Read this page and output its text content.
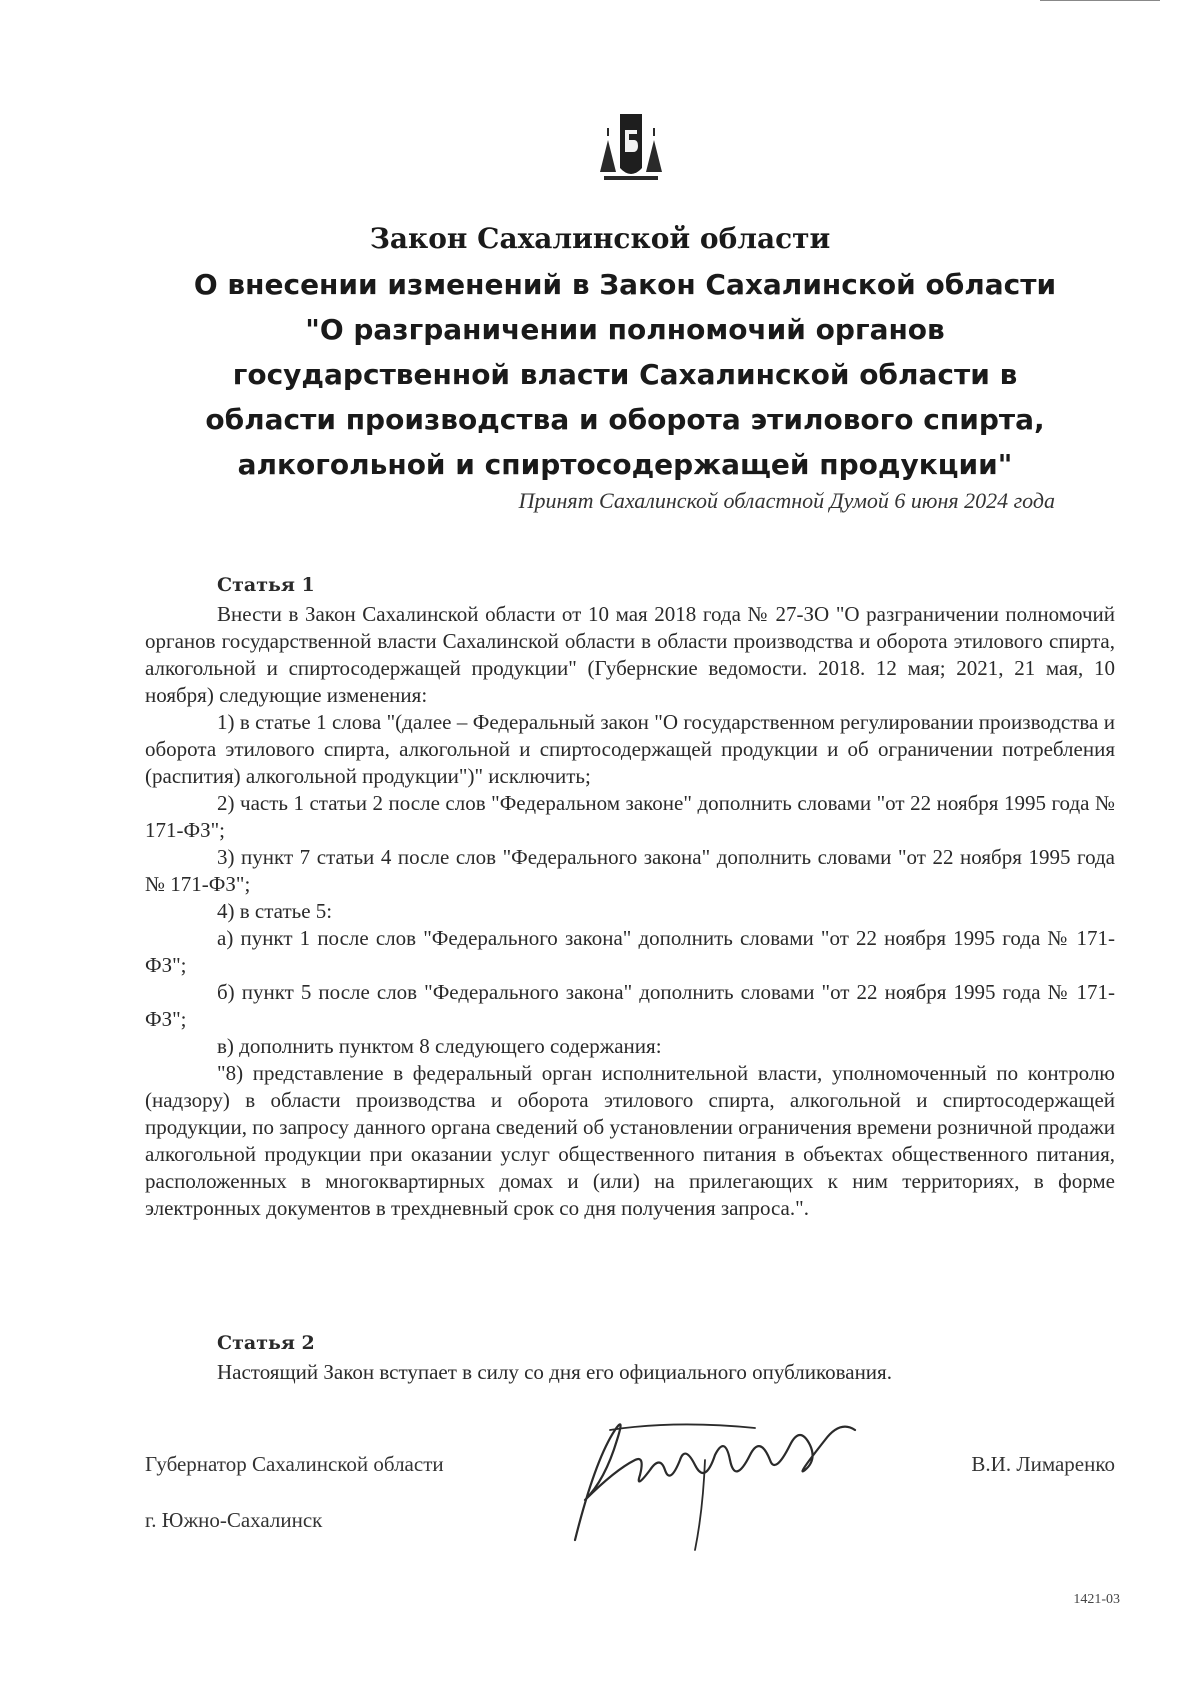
Закон Сахалинской области
О внесении изменений в Закон Сахалинской области "О разграничении полномочий органов государственной власти Сахалинской области в области производства и оборота этилового спирта, алкогольной и спиртосодержащей продукции"
Принят Сахалинской областной Думой 6 июня 2024 года

Статья 1

Внести в Закон Сахалинской области от 10 мая 2018 года № 27-ЗО "О разграничении полномочий органов государственной власти Сахалинской области в области производства и оборота этилового спирта, алкогольной и спиртосодержащей продукции" (Губернские ведомости. 2018. 12 мая; 2021, 21 мая, 10 ноября) следующие изменения:

1) в статье 1 слова "(далее – Федеральный закон "О государственном регулировании производства и оборота этилового спирта, алкогольной и спиртосодержащей продукции и об ограничении потребления (распития) алкогольной продукции")" исключить;

2) часть 1 статьи 2 после слов "Федеральном законе" дополнить словами "от 22 ноября 1995 года № 171-ФЗ";

3) пункт 7 статьи 4 после слов "Федерального закона" дополнить словами "от 22 ноября 1995 года № 171-ФЗ";

4) в статье 5:

а) пункт 1 после слов "Федерального закона" дополнить словами "от 22 ноября 1995 года № 171-ФЗ";

б) пункт 5 после слов "Федерального закона" дополнить словами "от 22 ноября 1995 года № 171-ФЗ";

в) дополнить пунктом 8 следующего содержания:

"8) представление в федеральный орган исполнительной власти, уполномоченный по контролю (надзору) в области производства и оборота этилового спирта, алкогольной и спиртосодержащей продукции, по запросу данного органа сведений об установлении ограничения времени розничной продажи алкогольной продукции при оказании услуг общественного питания в объектах общественного питания, расположенных в многоквартирных домах и (или) на прилегающих к ним территориях, в форме электронных документов в трехдневный срок со дня получения запроса.".

Статья 2

Настоящий Закон вступает в силу со дня его официального опубликования.

Губернатор Сахалинской области	В.И. Лимаренко
г. Южно-Сахалинск
1421-03
